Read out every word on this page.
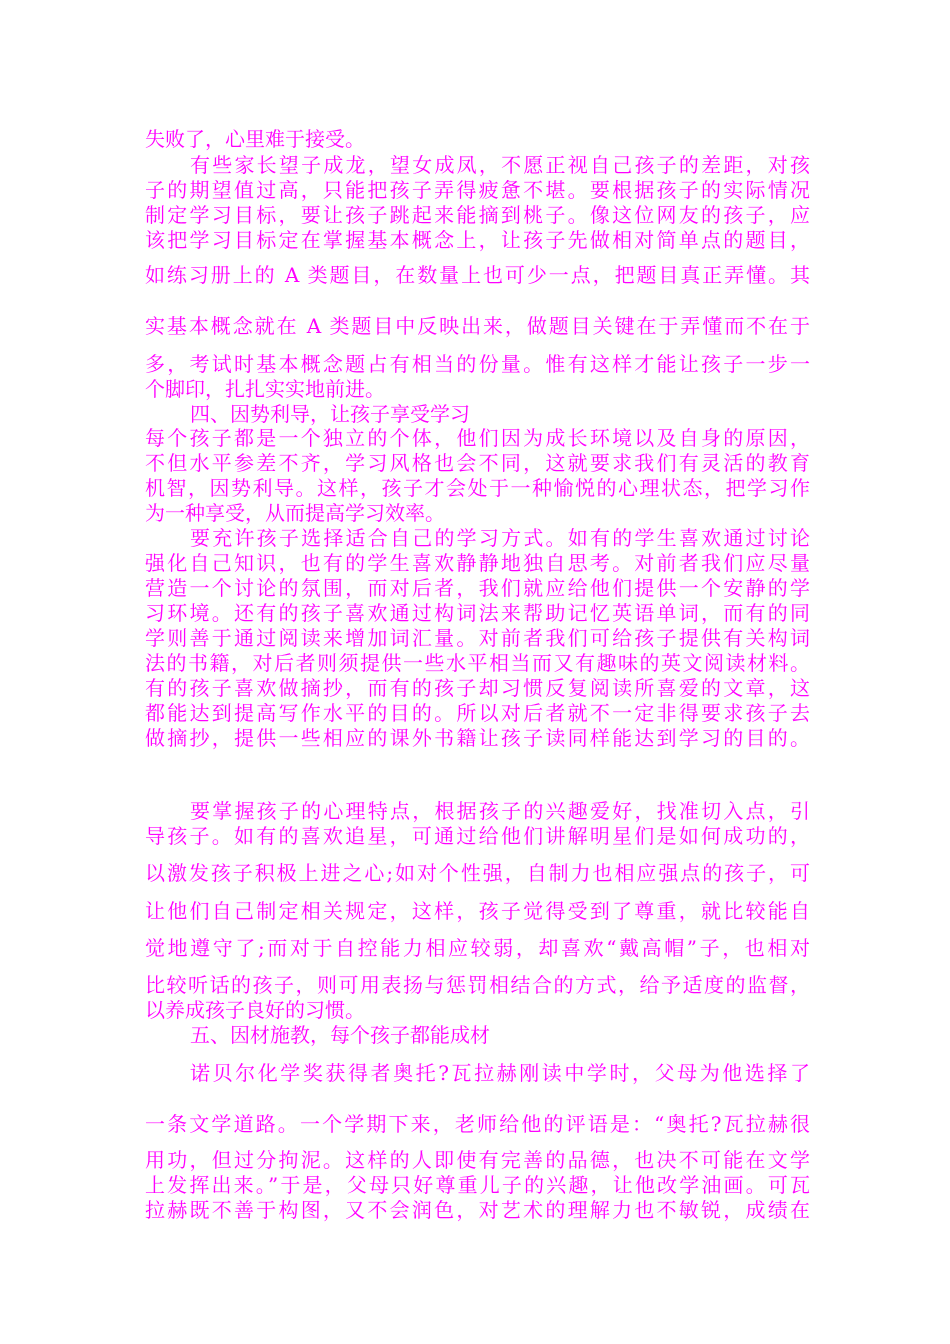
失败了，心里难于接受。
有些家长望子成龙，望女成凤，不愿正视自己孩子的差距，对孩
子的期望值过高，只能把孩子弄得疲惫不堪。要根据孩子的实际情况
制定学习目标，要让孩子跳起来能摘到桃子。像这位网友的孩子，应
该把学习目标定在掌握基本概念上，让孩子先做相对简单点的题目，
如练习册上的 A 类题目，在数量上也可少一点，把题目真正弄懂。其
实基本概念就在 A 类题目中反映出来，做题目关键在于弄懂而不在于
多，考试时基本概念题占有相当的份量。惟有这样才能让孩子一步一
个脚印，扎扎实实地前进。
四、因势利导，让孩子享受学习
每个孩子都是一个独立的个体，他们因为成长环境以及自身的原因，
不但水平参差不齐，学习风格也会不同，这就要求我们有灵活的教育
机智，因势利导。这样，孩子才会处于一种愉悦的心理状态，把学习作
为一种享受，从而提高学习效率。
要充许孩子选择适合自己的学习方式。如有的学生喜欢通过讨论
强化自己知识，也有的学生喜欢静静地独自思考。对前者我们应尽量
营造一个讨论的氛围，而对后者，我们就应给他们提供一个安静的学
习环境。还有的孩子喜欢通过构词法来帮助记忆英语单词，而有的同
学则善于通过阅读来增加词汇量。对前者我们可给孩子提供有关构词
法的书籍，对后者则须提供一些水平相当而又有趣味的英文阅读材料。
有的孩子喜欢做摘抄，而有的孩子却习惯反复阅读所喜爱的文章，这
都能达到提高写作水平的目的。所以对后者就不一定非得要求孩子去
做摘抄，提供一些相应的课外书籍让孩子读同样能达到学习的目的。
要掌握孩子的心理特点，根据孩子的兴趣爱好，找准切入点，引
导孩子。如有的喜欢追星，可通过给他们讲解明星们是如何成功的，
以激发孩子积极上进之心;如对个性强，自制力也相应强点的孩子，可
让他们自己制定相关规定，这样，孩子觉得受到了尊重，就比较能自
觉地遵守了;而对于自控能力相应较弱，却喜欢“戴高帽”子，也相对
比较听话的孩子，则可用表扬与惩罚相结合的方式，给予适度的监督，
以养成孩子良好的习惯。
五、因材施教，每个孩子都能成材
诺贝尔化学奖获得者奥托?瓦拉赫刚读中学时，父母为他选择了
一条文学道路。一个学期下来，老师给他的评语是：“奥托?瓦拉赫很
用功，但过分拘泥。这样的人即使有完善的品德，也决不可能在文学
上发挥出来。”于是，父母只好尊重儿子的兴趣，让他改学油画。可瓦
拉赫既不善于构图，又不会润色，对艺术的理解力也不敏锐，成绩在
